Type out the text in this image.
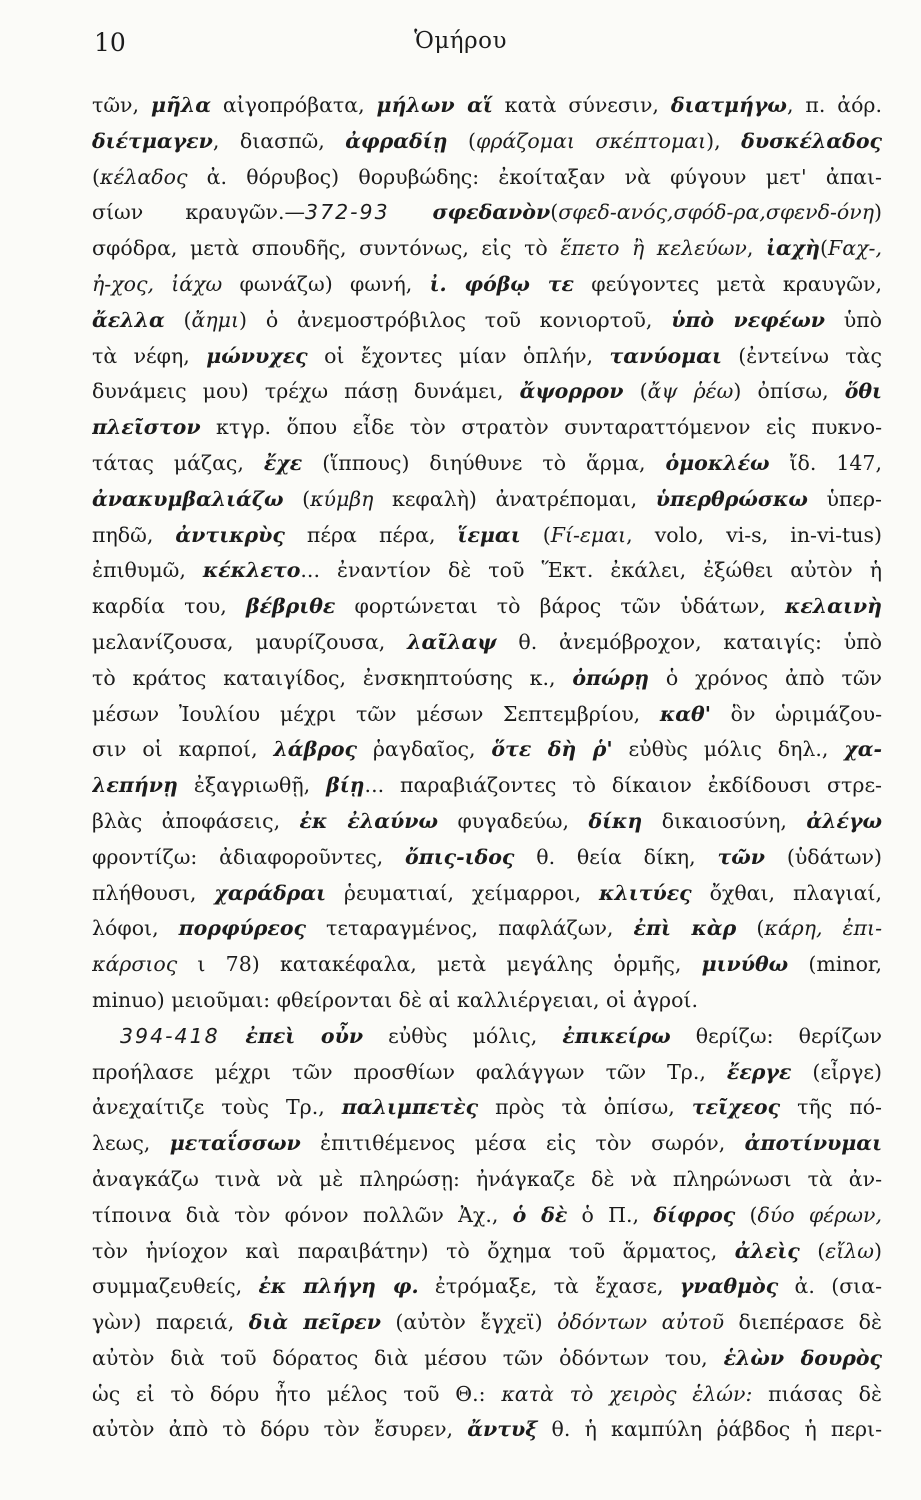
10	Ὁμήρου
τῶν, μῆλα αἰγοπρόβατα, μήλων αἵ κατὰ σύνεσιν, διατμήγω, π. ἀόρ.
διέτμαγεν, διασπῶ, ἀφραδίῃ (φράζομαι σκέπτομαι), δυσκέλαδος
(κέλαδος ἀ. θόρυβος) θορυβώδης: ἐκοίταξαν νὰ φύγουν μετ' ἀπαι-
σίων κραυγῶν.—372-93 σφεδανὸν(σφεδ-ανός,σφόδ-ρα,σφενδ-όνη)
σφόδρα, μετὰ σπουδῆς, συντόνως, εἰς τὸ ἕπετο ἢ κελεύων, ἰαχὴ(Ϝαχ-,
ἠ-χος, ἰάχω φωνάζω) φωνή, ἰ. φόβῳ τε φεύγοντες μετὰ κραυγῶν,
ἄελλα (ἄημι) ὁ ἀνεμοστρόβιλος τοῦ κονιορτοῦ, ὑπὸ νεφέων ὑπὸ
τὰ νέφη, μώνυχες οἱ ἔχοντες μίαν ὁπλήν, τανύομαι (ἐντείνω τὰς
δυνάμεις μου) τρέχω πάσῃ δυνάμει, ἄψορρον (ἄψ ῥέω) ὀπίσω, ὅθι
πλεῖστον κτγρ. ὅπου εἶδε τὸν στρατὸν συνταραττόμενον εἰς πυκνο-
τάτας μάζας, ἔχε (ἵππους) διηύθυνε τὸ ἅρμα, ὁμοκλέω ἴδ. 147,
ἀνακυμβαλιάζω (κύμβη κεφαλὴ) ἀνατρέπομαι, ὑπερθρώσκω ὑπερ-
πηδῶ, ἀντικρὺς πέρα πέρα, ἵεμαι (Ϝί-εμαι, volo, vi-s, in-vi-tus)
ἐπιθυμῶ, κέκλετο... ἐναντίον δὲ τοῦ Ἕκτ. ἐκάλει, ἐξώθει αὐτὸν ἡ
καρδία του, βέβριθε φορτώνεται τὸ βάρος τῶν ὑδάτων, κελαινὴ
μελανίζουσα, μαυρίζουσα, λαῖλαψ θ. ἀνεμόβροχον, καταιγίς: ὑπὸ
τὸ κράτος καταιγίδος, ἐνσκηπτούσης κ., ὀπώρῃ ὁ χρόνος ἀπὸ τῶν
μέσων Ἰουλίου μέχρι τῶν μέσων Σεπτεμβρίου, καθ' ὃν ὡριμάζου-
σιν οἱ καρποί, λάβρος ῥαγδαῖος, ὅτε δὴ ῥ' εὐθὺς μόλις δηλ., χα-
λεπήνῃ ἐξαγριωθῇ, βίῃ... παραβιάζοντες τὸ δίκαιον ἐκδίδουσι στρε-
βλὰς ἀποφάσεις, ἐκ ἐλαύνω φυγαδεύω, δίκη δικαιοσύνη, ἀλέγω
φροντίζω: ἀδιαφοροῦντες, ὄπις-ιδος θ. θεία δίκη, τῶν (ὑδάτων)
πλήθουσι, χαράδραι ῥευματιαί, χείμαρροι, κλιτύες ὄχθαι, πλαγιαί,
λόφοι, πορφύρεος τεταραγμένος, παφλάζων, ἐπὶ κὰρ (κάρη, ἐπι-
κάρσιος ι 78) κατακέφαλα, μετὰ μεγάλης ὁρμῆς, μινύθω (minor,
minuo) μειοῦμαι: φθείρονται δὲ αἱ καλλιέργειαι, οἱ ἀγροί.
394-418 ἐπεὶ οὖν εὐθὺς μόλις, ἐπικείρω θερίζω: θερίζων
προήλασε μέχρι τῶν προσθίων φαλάγγων τῶν Τρ., ἔεργε (εἶργε)
ἀνεχαίτιζε τοὺς Τρ., παλιμπετὲς πρὸς τὰ ὀπίσω, τεῖχεος τῆς πό-
λεως, μεταΐσσων ἐπιτιθέμενος μέσα εἰς τὸν σωρόν, ἀποτίνυμαι
ἀναγκάζω τινὰ νὰ μὲ πληρώσῃ: ἠνάγκαζε δὲ νὰ πληρώνωσι τὰ ἀν-
τίποινα διὰ τὸν φόνον πολλῶν Ἀχ., ὁ δὲ ὁ Π., δίφρος (δύο φέρων,
τὸν ἡνίοχον καὶ παραιβάτην) τὸ ὄχημα τοῦ ἅρματος, ἀλεὶς (εἴλω)
συμμαζευθείς, ἐκ πλήγη φ. ἐτρόμαξε, τὰ ἔχασε, γναθμὸς ἀ. (σια-
γὼν) παρειά, διὰ πεῖρεν (αὐτὸν ἔγχεϊ) ὀδόντων αὐτοῦ διεπέρασε δὲ
αὐτὸν διὰ τοῦ δόρατος διὰ μέσου τῶν ὀδόντων του, ἑλὼν δουρὸς
ὡς εἰ τὸ δόρυ ἦτο μέλος τοῦ Θ.: κατὰ τὸ χειρὸς ἑλών: πιάσας δὲ
αὐτὸν ἀπὸ τὸ δόρυ τὸν ἔσυρεν, ἄντυξ θ. ἡ καμπύλη ῥάβδος ἡ περι-
